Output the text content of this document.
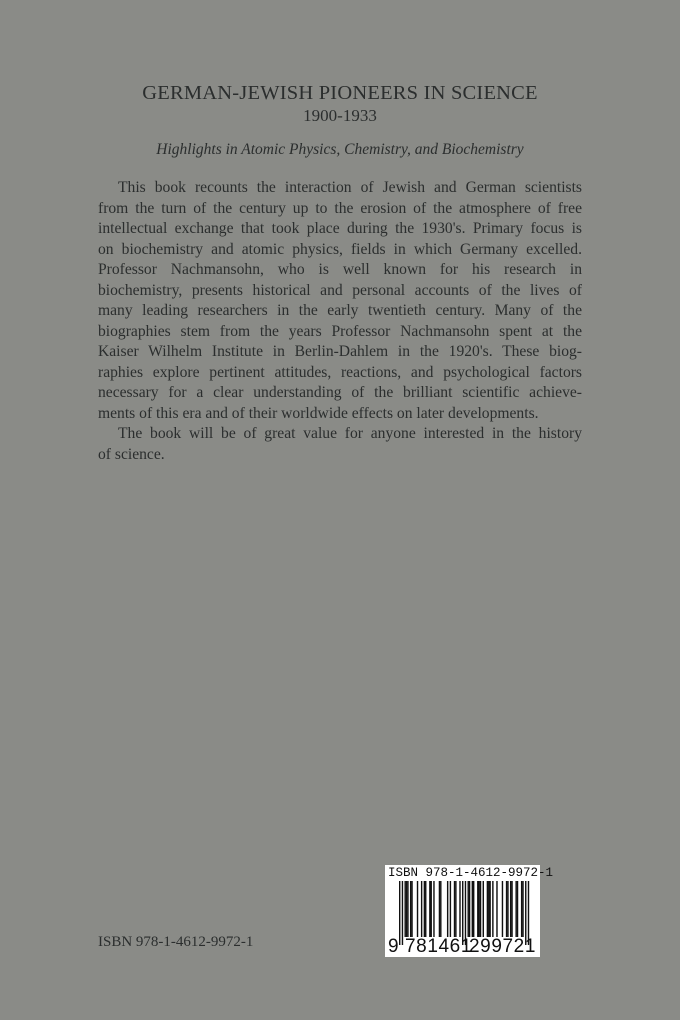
GERMAN-JEWISH PIONEERS IN SCIENCE
1900-1933
Highlights in Atomic Physics, Chemistry, and Biochemistry
This book recounts the interaction of Jewish and German scientists
from the turn of the century up to the erosion of the atmosphere of free
intellectual exchange that took place during the 1930's. Primary focus is
on biochemistry and atomic physics, fields in which Germany excelled.
Professor Nachmansohn, who is well known for his research in
biochemistry, presents historical and personal accounts of the lives of
many leading researchers in the early twentieth century. Many of the
biographies stem from the years Professor Nachmansohn spent at the
Kaiser Wilhelm Institute in Berlin-Dahlem in the 1920's. These biog-
raphies explore pertinent attitudes, reactions, and psychological factors
necessary for a clear understanding of the brilliant scientific achieve-
ments of this era and of their worldwide effects on later developments.
The book will be of great value for anyone interested in the history
of science.
ISBN 978-1-4612-9972-1
ISBN 978-1-4612-9972-1
9 781461
299721
